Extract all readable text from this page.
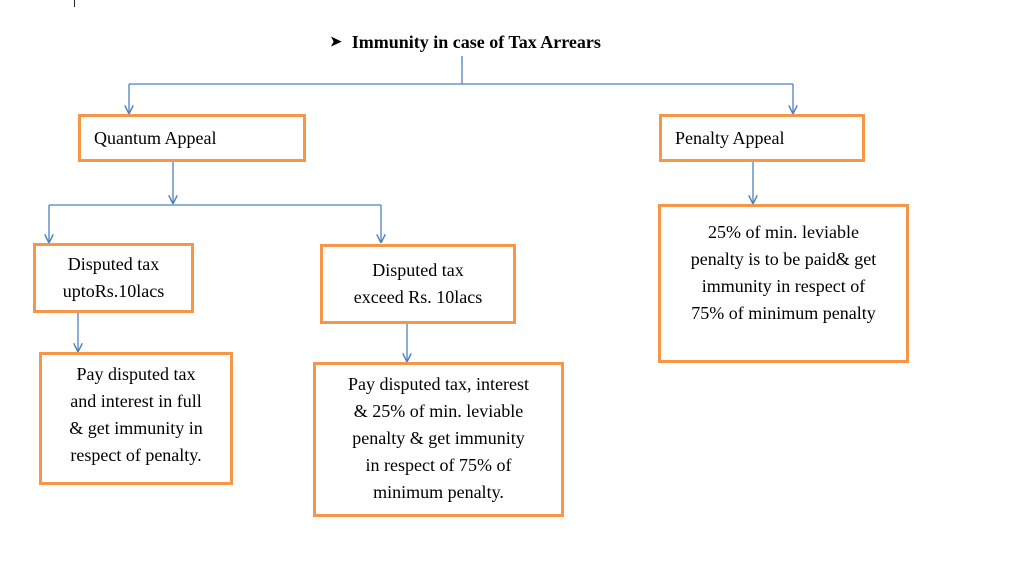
➤ Immunity in case of Tax Arrears
Quantum Appeal	Penalty Appeal
Disputed tax
uptoRs.10lacs
Disputed tax
exceed Rs. 10lacs
Pay disputed tax
and interest in full
& get immunity in
respect of penalty.
Pay disputed tax, interest
& 25% of min. leviable
penalty & get immunity
in respect of 75% of
minimum penalty.
25% of min. leviable
penalty is to be paid& get
immunity in respect of
75% of minimum penalty
